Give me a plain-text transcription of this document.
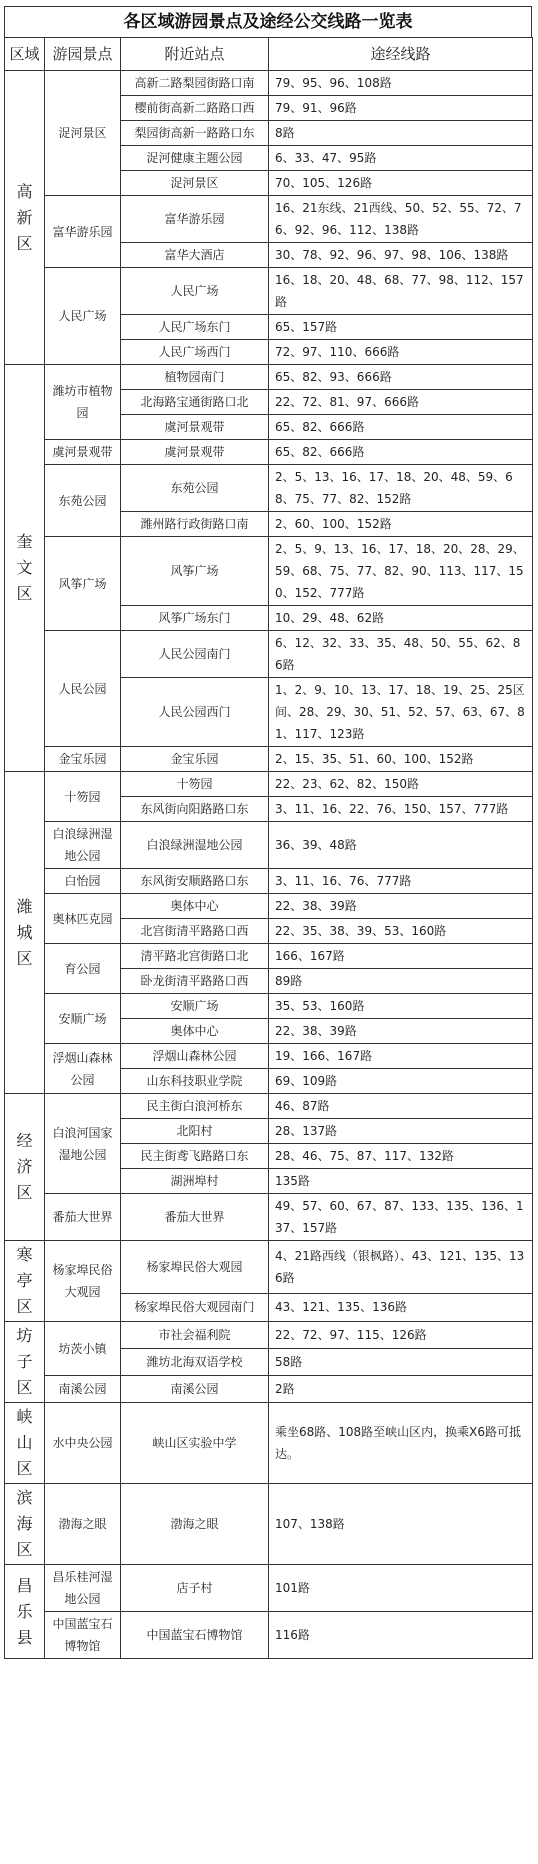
各区域游园景点及途经公交线路一览表
区域	游园景点	附近站点	途经线路

高新区	浞河景区	高新二路梨园街路口南	79、95、96、108路
		樱前街高新二路路口西	79、91、96路
		梨园街高新一路路口东	8路
		浞河健康主题公园	6、33、47、95路
		浞河景区	70、105、126路
	富华游乐园	富华游乐园	16、21东线、21西线、50、52、55、72、76、92、96、112、138路
		富华大酒店	30、78、92、96、97、98、106、138路
	人民广场	人民广场	16、18、20、48、68、77、98、112、157路
		人民广场东门	65、157路
		人民广场西门	72、97、110、666路

奎文区	潍坊市植物园	植物园南门	65、82、93、666路
		北海路宝通街路口北	22、72、81、97、666路
		虞河景观带	65、82、666路
	虞河景观带	虞河景观带	65、82、666路
	东苑公园	东苑公园	2、5、13、16、17、18、20、48、59、68、75、77、82、152路
		潍州路行政街路口南	2、60、100、152路
	风筝广场	风筝广场	2、5、9、13、16、17、18、20、28、29、59、68、75、77、82、90、113、117、150、152、777路
		风筝广场东门	10、29、48、62路
	人民公园	人民公园南门	6、12、32、33、35、48、50、55、62、86路
		人民公园西门	1、2、9、10、13、17、18、19、25、25区间、28、29、30、51、52、57、63、67、81、117、123路
	金宝乐园	金宝乐园	2、15、35、51、60、100、152路

潍城区	十笏园	十笏园	22、23、62、82、150路
		东风街向阳路路口东	3、11、16、22、76、150、157、777路
	白浪绿洲湿地公园	白浪绿洲湿地公园	36、39、48路
	白怡园	东风街安顺路路口东	3、11、16、76、777路
	奥林匹克园	奥体中心	22、38、39路
		北宫街清平路路口西	22、35、38、39、53、160路
	育公园	清平路北宫街路口北	166、167路
		卧龙街清平路路口西	89路
	安顺广场	安顺广场	35、53、160路
		奥体中心	22、38、39路
	浮烟山森林公园	浮烟山森林公园	19、166、167路
		山东科技职业学院	69、109路

经济区	白浪河国家湿地公园	民主街白浪河桥东	46、87路
		北阳村	28、137路
		民主街鸢飞路路口东	28、46、75、87、117、132路
		湖洲埠村	135路
	番茄大世界	番茄大世界	49、57、60、67、87、133、135、136、137、157路

寒亭区	杨家埠民俗大观园	杨家埠民俗大观园	4、21路西线（银枫路）、43、121、135、136路
		杨家埠民俗大观园南门	43、121、135、136路

坊子区	坊茨小镇	市社会福利院	22、72、97、115、126路
		潍坊北海双语学校	58路
	南溪公园	南溪公园	2路

峡山区	水中央公园	峡山区实验中学	乘坐68路、108路至峡山区内，换乘X6路可抵达。

滨海区	渤海之眼	渤海之眼	107、138路

昌乐县	昌乐桂河湿地公园	店子村	101路
	中国蓝宝石博物馆	中国蓝宝石博物馆	116路
